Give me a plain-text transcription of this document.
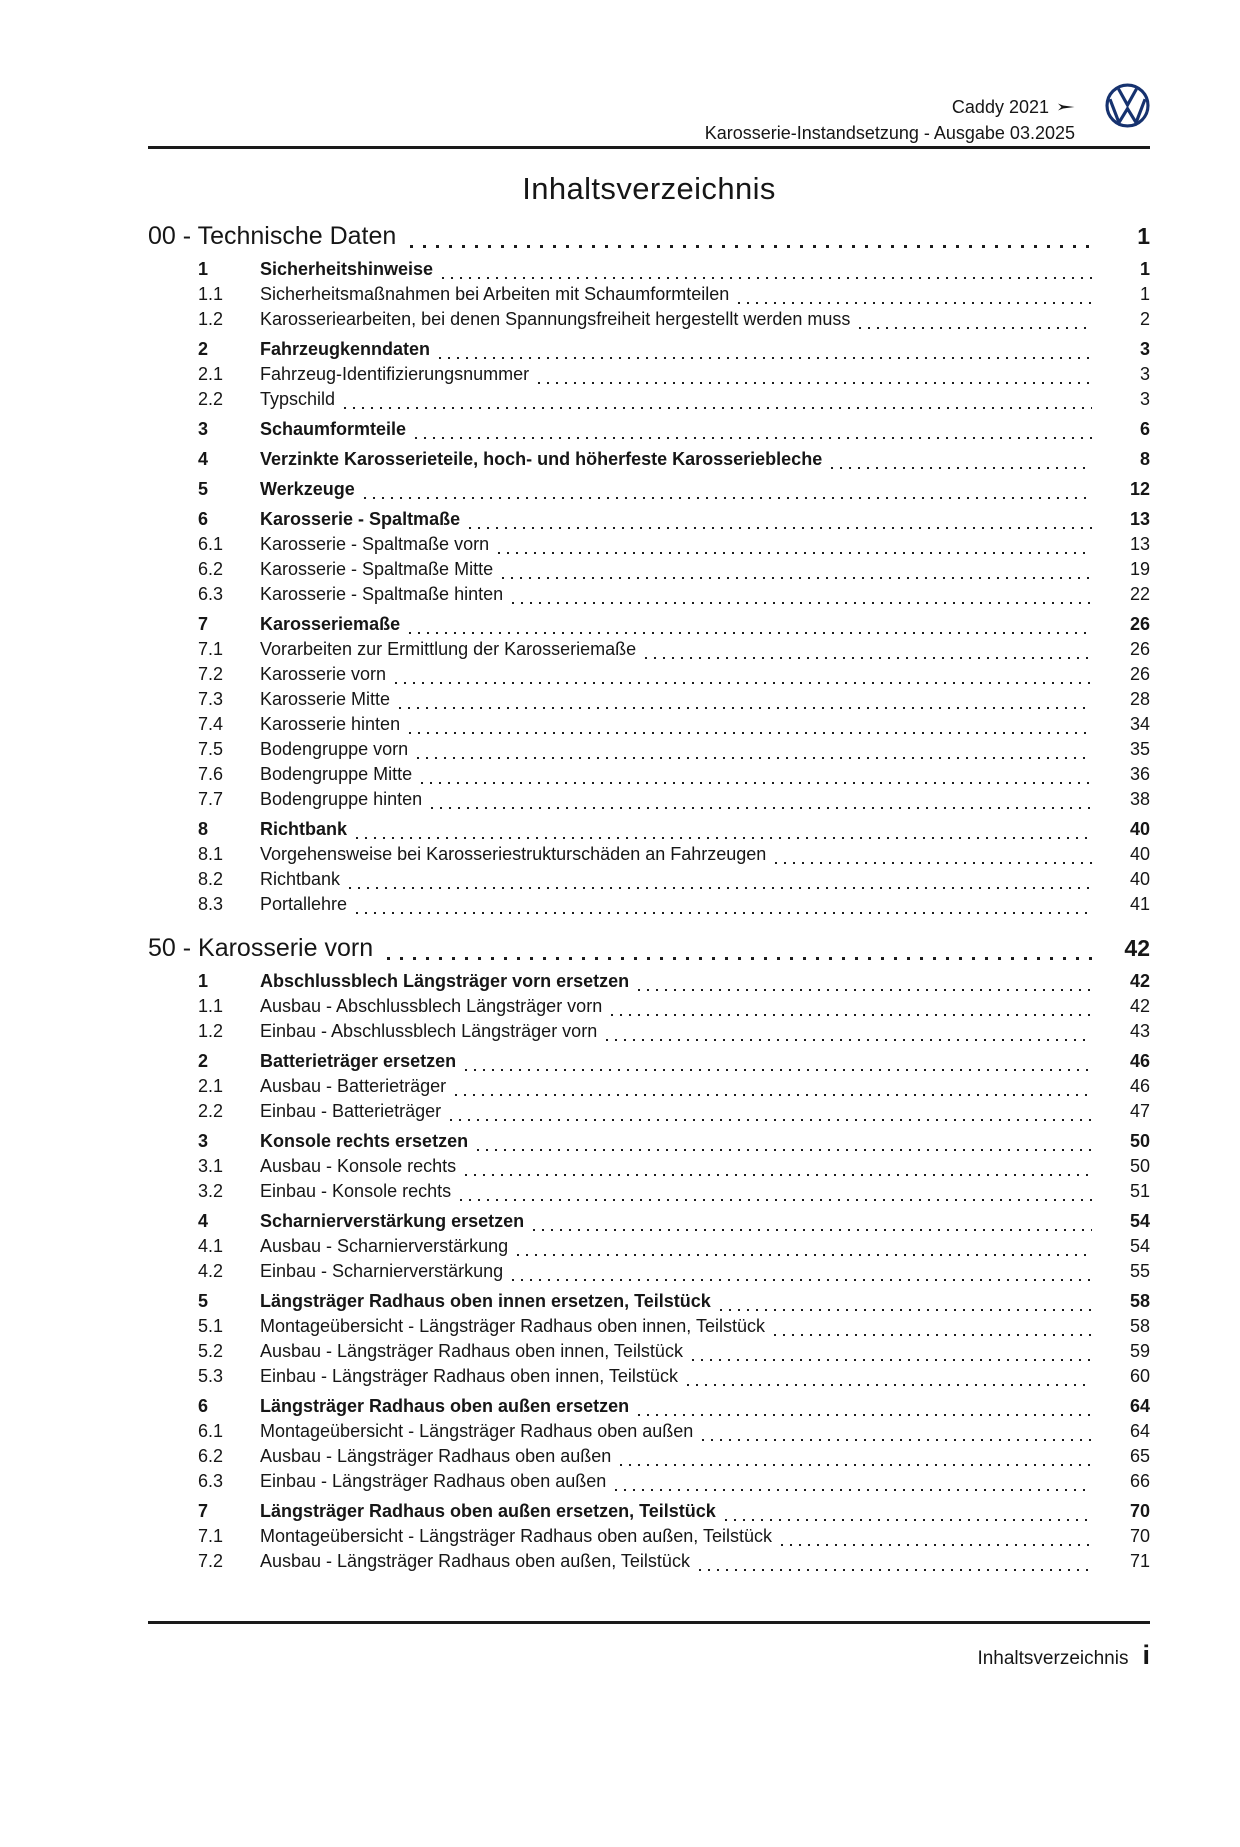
Caddy 2021
Karosserie-Instandsetzung - Ausgabe 03.2025
Inhaltsverzeichnis
00 - Technische Daten	1
1	Sicherheitshinweise	1
1.1	Sicherheitsmaßnahmen bei Arbeiten mit Schaumformteilen	1
1.2	Karosseriearbeiten, bei denen Spannungsfreiheit hergestellt werden muss	2
2	Fahrzeugkenndaten	3
2.1	Fahrzeug-Identifizierungsnummer	3
2.2	Typschild	3
3	Schaumformteile	6
4	Verzinkte Karosserieteile, hoch- und höherfeste Karosseriebleche	8
5	Werkzeuge	12
6	Karosserie - Spaltmaße	13
6.1	Karosserie - Spaltmaße vorn	13
6.2	Karosserie - Spaltmaße Mitte	19
6.3	Karosserie - Spaltmaße hinten	22
7	Karosseriemaße	26
7.1	Vorarbeiten zur Ermittlung der Karosseriemaße	26
7.2	Karosserie vorn	26
7.3	Karosserie Mitte	28
7.4	Karosserie hinten	34
7.5	Bodengruppe vorn	35
7.6	Bodengruppe Mitte	36
7.7	Bodengruppe hinten	38
8	Richtbank	40
8.1	Vorgehensweise bei Karosseriestrukturschäden an Fahrzeugen	40
8.2	Richtbank	40
8.3	Portallehre	41
50 - Karosserie vorn	42
1	Abschlussblech Längsträger vorn ersetzen	42
1.1	Ausbau - Abschlussblech Längsträger vorn	42
1.2	Einbau - Abschlussblech Längsträger vorn	43
2	Batterieträger ersetzen	46
2.1	Ausbau - Batterieträger	46
2.2	Einbau - Batterieträger	47
3	Konsole rechts ersetzen	50
3.1	Ausbau - Konsole rechts	50
3.2	Einbau - Konsole rechts	51
4	Scharnierverstärkung ersetzen	54
4.1	Ausbau - Scharnierverstärkung	54
4.2	Einbau - Scharnierverstärkung	55
5	Längsträger Radhaus oben innen ersetzen, Teilstück	58
5.1	Montageübersicht - Längsträger Radhaus oben innen, Teilstück	58
5.2	Ausbau - Längsträger Radhaus oben innen, Teilstück	59
5.3	Einbau - Längsträger Radhaus oben innen, Teilstück	60
6	Längsträger Radhaus oben außen ersetzen	64
6.1	Montageübersicht - Längsträger Radhaus oben außen	64
6.2	Ausbau - Längsträger Radhaus oben außen	65
6.3	Einbau - Längsträger Radhaus oben außen	66
7	Längsträger Radhaus oben außen ersetzen, Teilstück	70
7.1	Montageübersicht - Längsträger Radhaus oben außen, Teilstück	70
7.2	Ausbau - Längsträger Radhaus oben außen, Teilstück	71
Inhaltsverzeichnis i
